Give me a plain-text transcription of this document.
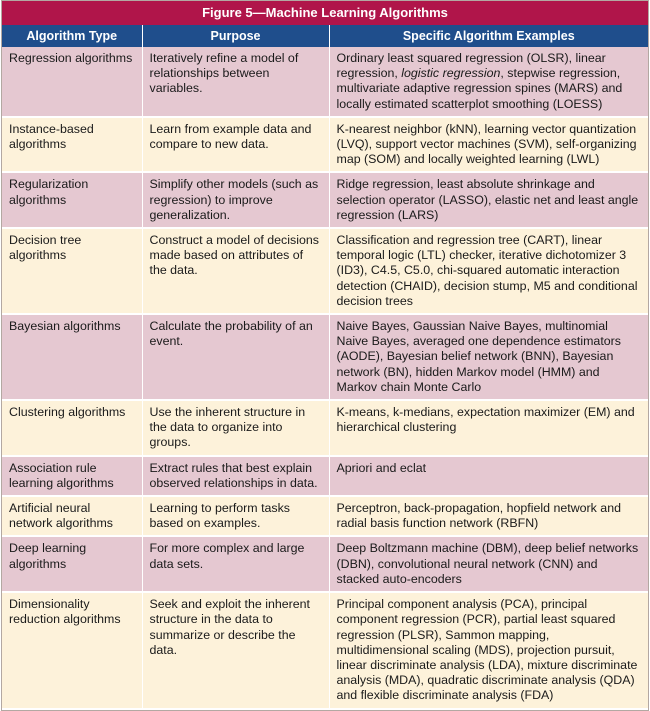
Figure 5—Machine Learning Algorithms
Algorithm Type	Purpose	Specific Algorithm Examples
Regression algorithms	Iteratively refine a model of relationships between variables.	Ordinary least squared regression (OLSR), linear regression, logistic regression, stepwise regression, multivariate adaptive regression spines (MARS) and locally estimated scatterplot smoothing (LOESS)
Instance-based algorithms	Learn from example data and compare to new data.	K-nearest neighbor (kNN), learning vector quantization (LVQ), support vector machines (SVM), self-organizing map (SOM) and locally weighted learning (LWL)
Regularization algorithms	Simplify other models (such as regression) to improve generalization.	Ridge regression, least absolute shrinkage and selection operator (LASSO), elastic net and least angle regression (LARS)
Decision tree algorithms	Construct a model of decisions made based on attributes of the data.	Classification and regression tree (CART), linear temporal logic (LTL) checker, iterative dichotomizer 3 (ID3), C4.5, C5.0, chi-squared automatic interaction detection (CHAID), decision stump, M5 and conditional decision trees
Bayesian algorithms	Calculate the probability of an event.	Naive Bayes, Gaussian Naive Bayes, multinomial Naive Bayes, averaged one dependence estimators (AODE), Bayesian belief network (BNN), Bayesian network (BN), hidden Markov model (HMM) and Markov chain Monte Carlo
Clustering algorithms	Use the inherent structure in the data to organize into groups.	K-means, k-medians, expectation maximizer (EM) and hierarchical clustering
Association rule learning algorithms	Extract rules that best explain observed relationships in data.	Apriori and eclat
Artificial neural network algorithms	Learning to perform tasks based on examples.	Perceptron, back-propagation, hopfield network and radial basis function network (RBFN)
Deep learning algorithms	For more complex and large data sets.	Deep Boltzmann machine (DBM), deep belief networks (DBN), convolutional neural network (CNN) and stacked auto-encoders
Dimensionality reduction algorithms	Seek and exploit the inherent structure in the data to summarize or describe the data.	Principal component analysis (PCA), principal component regression (PCR), partial least squared regression (PLSR), Sammon mapping, multidimensional scaling (MDS), projection pursuit, linear discriminate analysis (LDA), mixture discriminate analysis (MDA), quadratic discriminate analysis (QDA) and flexible discriminate analysis (FDA)
